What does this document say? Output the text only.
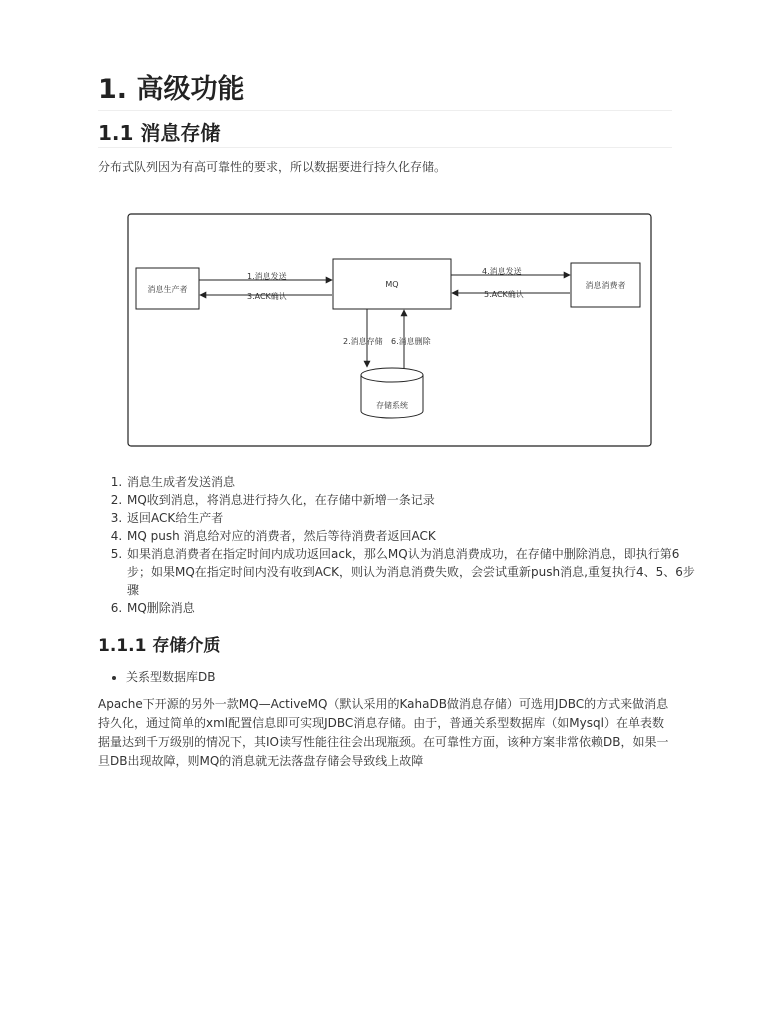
1. 高级功能
1.1 消息存储

分布式队列因为有高可靠性的要求，所以数据要进行持久化存储。

消息生产者
MQ	消息消费者
存储系统
1.消息发送
3.ACK确认
4.消息发送
5.ACK确认
2.消息存储 6.消息删除
1. 消息生成者发送消息
2. MQ收到消息，将消息进行持久化，在存储中新增一条记录
3. 返回ACK给生产者
4. MQ push 消息给对应的消费者，然后等待消费者返回ACK
5. 如果消息消费者在指定时间内成功返回ack，那么MQ认为消息消费成功，在存储中删除消息，即执行第6步；如果MQ在指定时间内没有收到ACK，则认为消息消费失败，会尝试重新push消息,重复执行4、5、6步骤
6. MQ删除消息
1.1.1 存储介质
• 关系型数据库DB

Apache下开源的另外一款MQ—ActiveMQ（默认采用的KahaDB做消息存储）可选用JDBC的方式来做消息持久化，通过简单的xml配置信息即可实现JDBC消息存储。由于，普通关系型数据库（如Mysql）在单表数据量达到千万级别的情况下，其IO读写性能往往会出现瓶颈。在可靠性方面，该种方案非常依赖DB，如果一旦DB出现故障，则MQ的消息就无法落盘存储会导致线上故障
